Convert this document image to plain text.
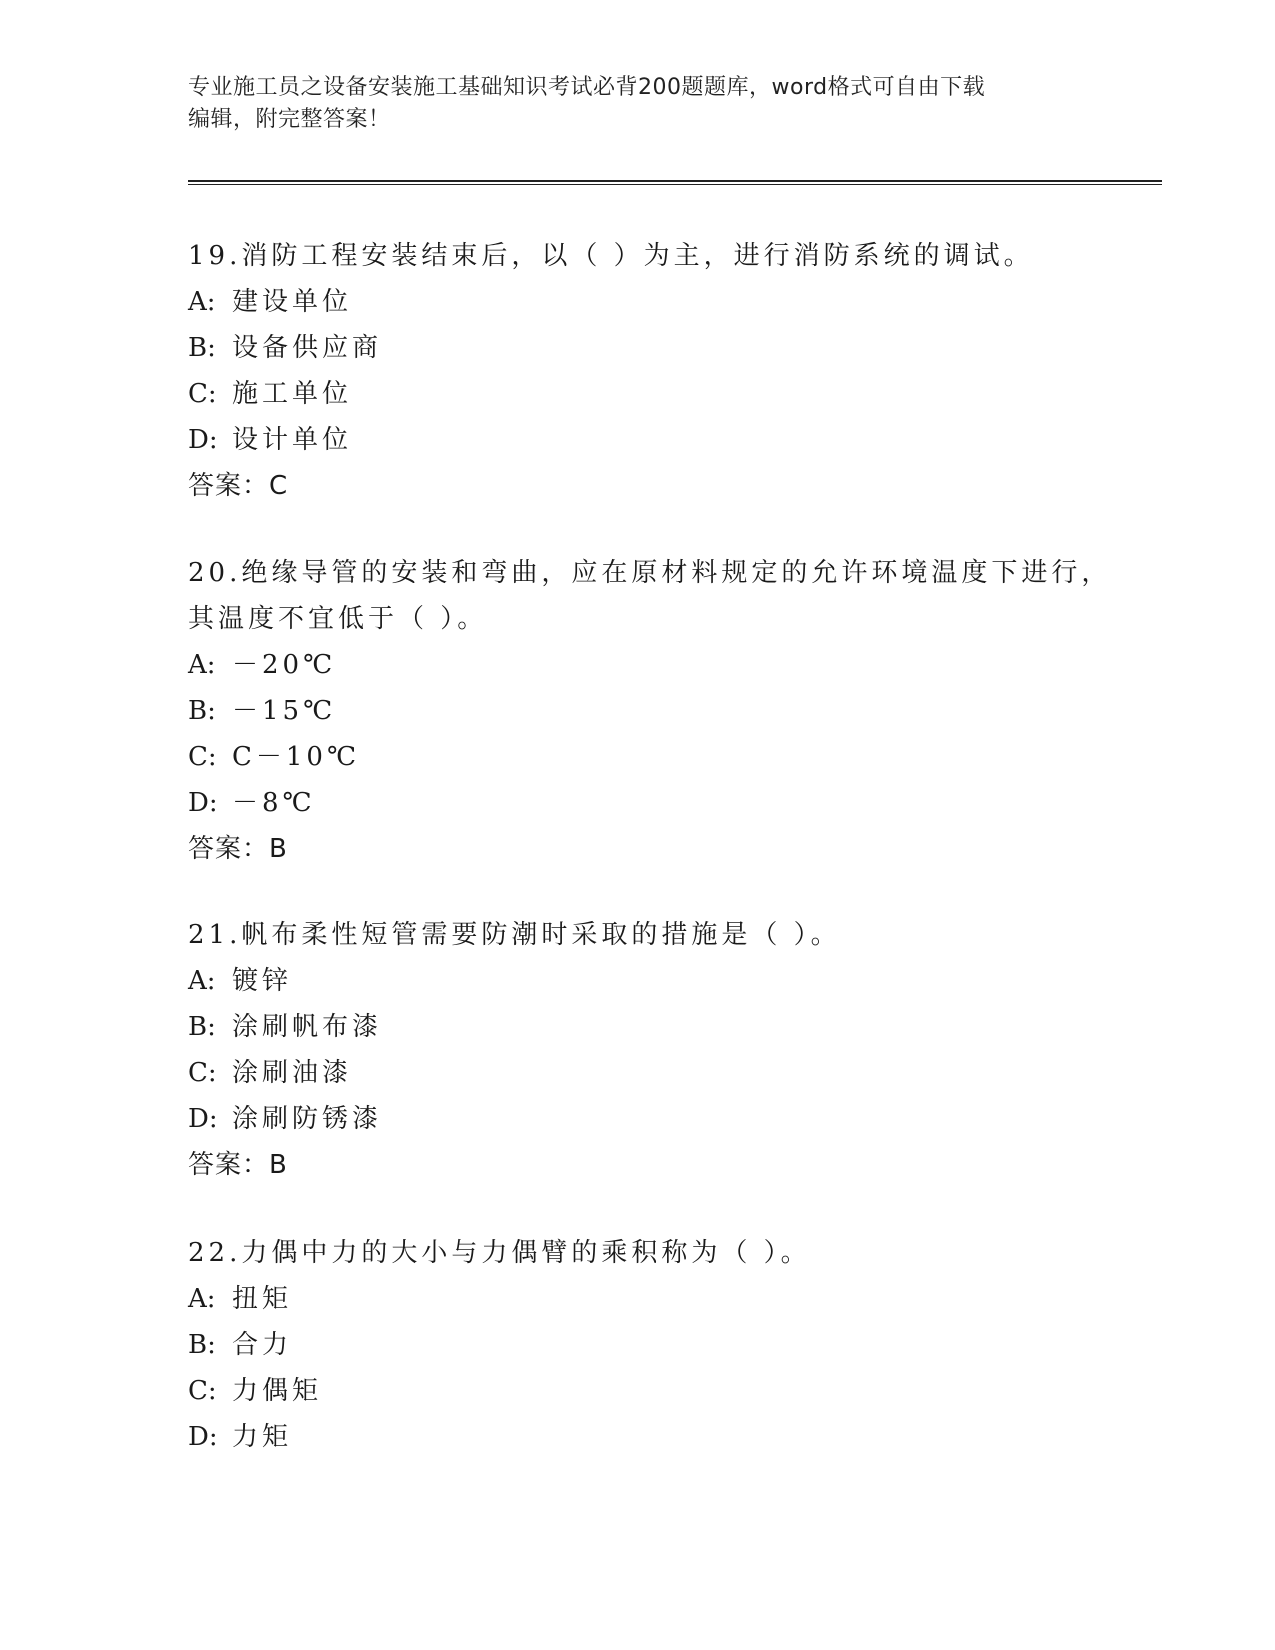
专业施工员之设备安装施工基础知识考试必背200题题库，word格式可自由下载
编辑，附完整答案！
19.消防工程安装结束后，以（ ）为主，进行消防系统的调试。
A: 建设单位
B: 设备供应商
C: 施工单位
D: 设计单位
答案：C
20.绝缘导管的安装和弯曲，应在原材料规定的允许环境温度下进行，
其温度不宜低于（ ）。
A: －20℃
B: －15℃
C: C－10℃
D: －8℃
答案：B
21.帆布柔性短管需要防潮时采取的措施是（ ）。
A: 镀锌
B: 涂刷帆布漆
C: 涂刷油漆
D: 涂刷防锈漆
答案：B
22.力偶中力的大小与力偶臂的乘积称为（ ）。
A: 扭矩
B: 合力
C: 力偶矩
D: 力矩
